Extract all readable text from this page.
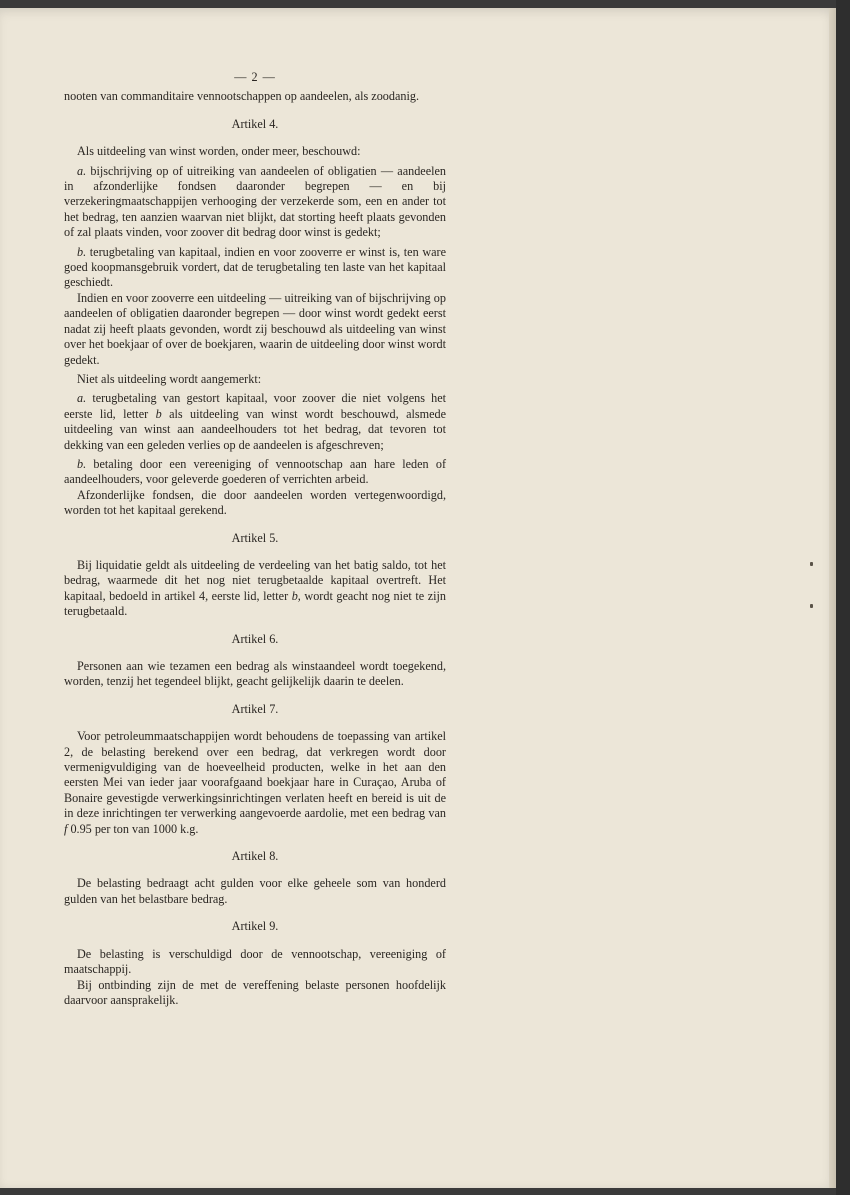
— 2 —

nooten van commanditaire vennootschappen op aandeelen, als zoodanig.

Artikel 4.

Als uitdeeling van winst worden, onder meer, beschouwd:

a. bijschrijving op of uitreiking van aandeelen of obligatien — aandeelen in afzonderlijke fondsen daaronder begrepen — en bij verzekeringmaatschappijen verhooging der verzekerde som, een en ander tot het bedrag, ten aanzien waarvan niet blijkt, dat storting heeft plaats gevonden of zal plaats vinden, voor zoover dit bedrag door winst is gedekt;

b. terugbetaling van kapitaal, indien en voor zooverre er winst is, ten ware goed koopmansgebruik vordert, dat de terugbetaling ten laste van het kapitaal geschiedt.

Indien en voor zooverre een uitdeeling — uitreiking van of bijschrijving op aandeelen of obligatien daaronder begrepen — door winst wordt gedekt eerst nadat zij heeft plaats gevonden, wordt zij beschouwd als uitdeeling van winst over het boekjaar of over de boekjaren, waarin de uitdeeling door winst wordt gedekt.

Niet als uitdeeling wordt aangemerkt:

a. terugbetaling van gestort kapitaal, voor zoover die niet volgens het eerste lid, letter b als uitdeeling van winst wordt beschouwd, alsmede uitdeeling van winst aan aandeelhouders tot het bedrag, dat tevoren tot dekking van een geleden verlies op de aandeelen is afgeschreven;

b. betaling door een vereeniging of vennootschap aan hare leden of aandeelhouders, voor geleverde goederen of verrichten arbeid.

Afzonderlijke fondsen, die door aandeelen worden vertegenwoordigd, worden tot het kapitaal gerekend.

Artikel 5.

Bij liquidatie geldt als uitdeeling de verdeeling van het batig saldo, tot het bedrag, waarmede dit het nog niet terugbetaalde kapitaal overtreft. Het kapitaal, bedoeld in artikel 4, eerste lid, letter b, wordt geacht nog niet te zijn terugbetaald.

Artikel 6.

Personen aan wie tezamen een bedrag als winstaandeel wordt toegekend, worden, tenzij het tegendeel blijkt, geacht gelijkelijk daarin te deelen.

Artikel 7.

Voor petroleummaatschappijen wordt behoudens de toepassing van artikel 2, de belasting berekend over een bedrag, dat verkregen wordt door vermenigvuldiging van de hoeveelheid producten, welke in het aan den eersten Mei van ieder jaar voorafgaand boekjaar hare in Curaçao, Aruba of Bonaire gevestigde verwerkingsinrichtingen verlaten heeft en bereid is uit de in deze inrichtingen ter verwerking aangevoerde aardolie, met een bedrag van f 0.95 per ton van 1000 k.g.

Artikel 8.

De belasting bedraagt acht gulden voor elke geheele som van honderd gulden van het belastbare bedrag.

Artikel 9.

De belasting is verschuldigd door de vennootschap, vereeniging of maatschappij.

Bij ontbinding zijn de met de vereffening belaste personen hoofdelijk daarvoor aansprakelijk.
